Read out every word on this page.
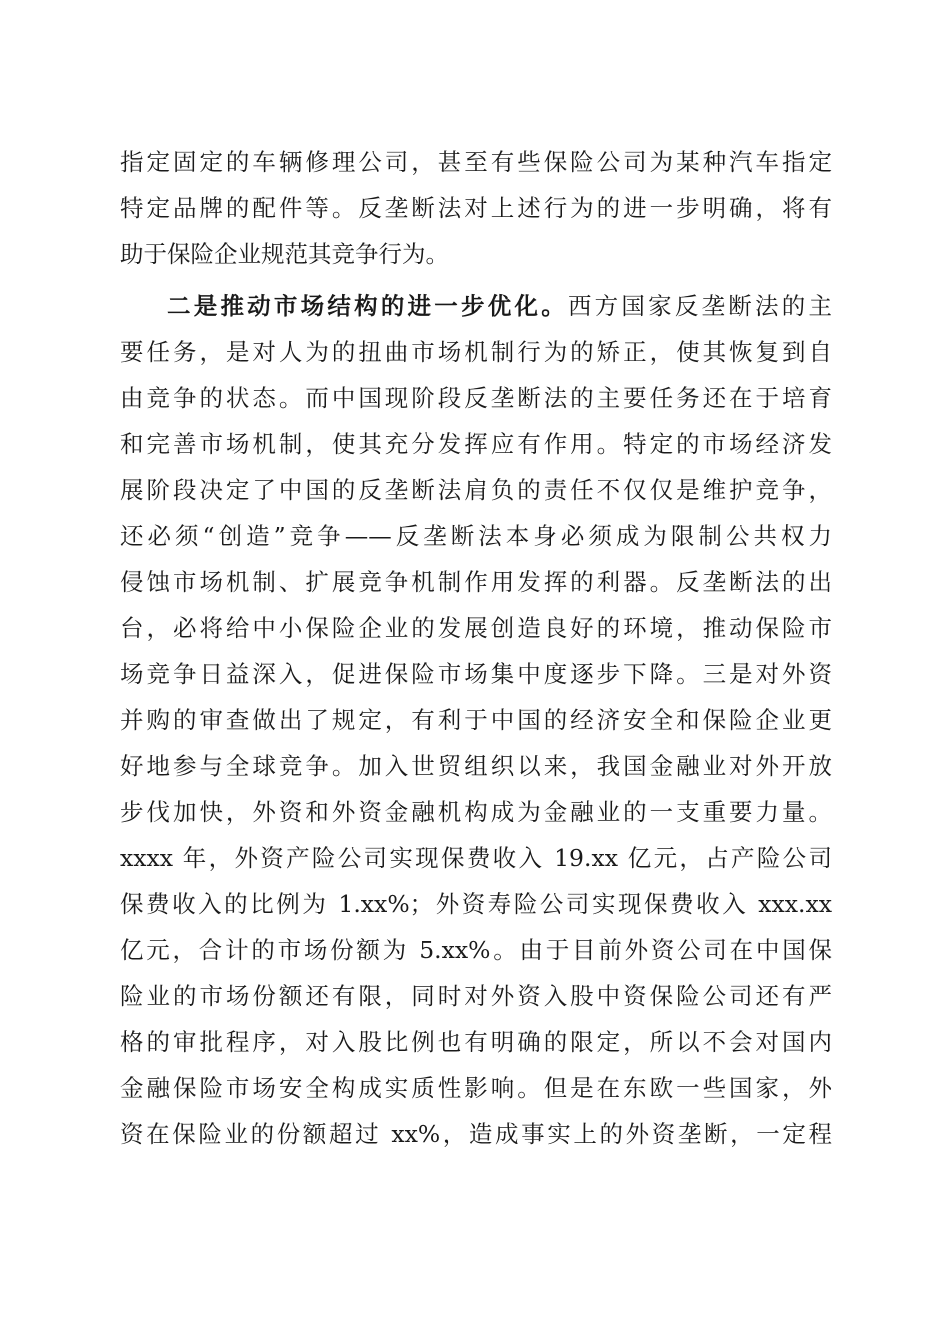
指定固定的车辆修理公司，甚至有些保险公司为某种汽车指定
特定品牌的配件等。反垄断法对上述行为的进一步明确，将有
助于保险企业规范其竞争行为。
二是推动市场结构的进一步优化。西方国家反垄断法的主
要任务，是对人为的扭曲市场机制行为的矫正，使其恢复到自
由竞争的状态。而中国现阶段反垄断法的主要任务还在于培育
和完善市场机制，使其充分发挥应有作用。特定的市场经济发
展阶段决定了中国的反垄断法肩负的责任不仅仅是维护竞争，
还必须“创造”竞争——反垄断法本身必须成为限制公共权力
侵蚀市场机制、扩展竞争机制作用发挥的利器。反垄断法的出
台，必将给中小保险企业的发展创造良好的环境，推动保险市
场竞争日益深入，促进保险市场集中度逐步下降。三是对外资
并购的审查做出了规定，有利于中国的经济安全和保险企业更
好地参与全球竞争。加入世贸组织以来，我国金融业对外开放
步伐加快，外资和外资金融机构成为金融业的一支重要力量。
xxxx 年，外资产险公司实现保费收入 19.xx 亿元，占产险公司
保费收入的比例为 1.xx%；外资寿险公司实现保费收入 xxx.xx
亿元，合计的市场份额为 5.xx%。由于目前外资公司在中国保
险业的市场份额还有限，同时对外资入股中资保险公司还有严
格的审批程序，对入股比例也有明确的限定，所以不会对国内
金融保险市场安全构成实质性影响。但是在东欧一些国家，外
资在保险业的份额超过 xx%，造成事实上的外资垄断，一定程
